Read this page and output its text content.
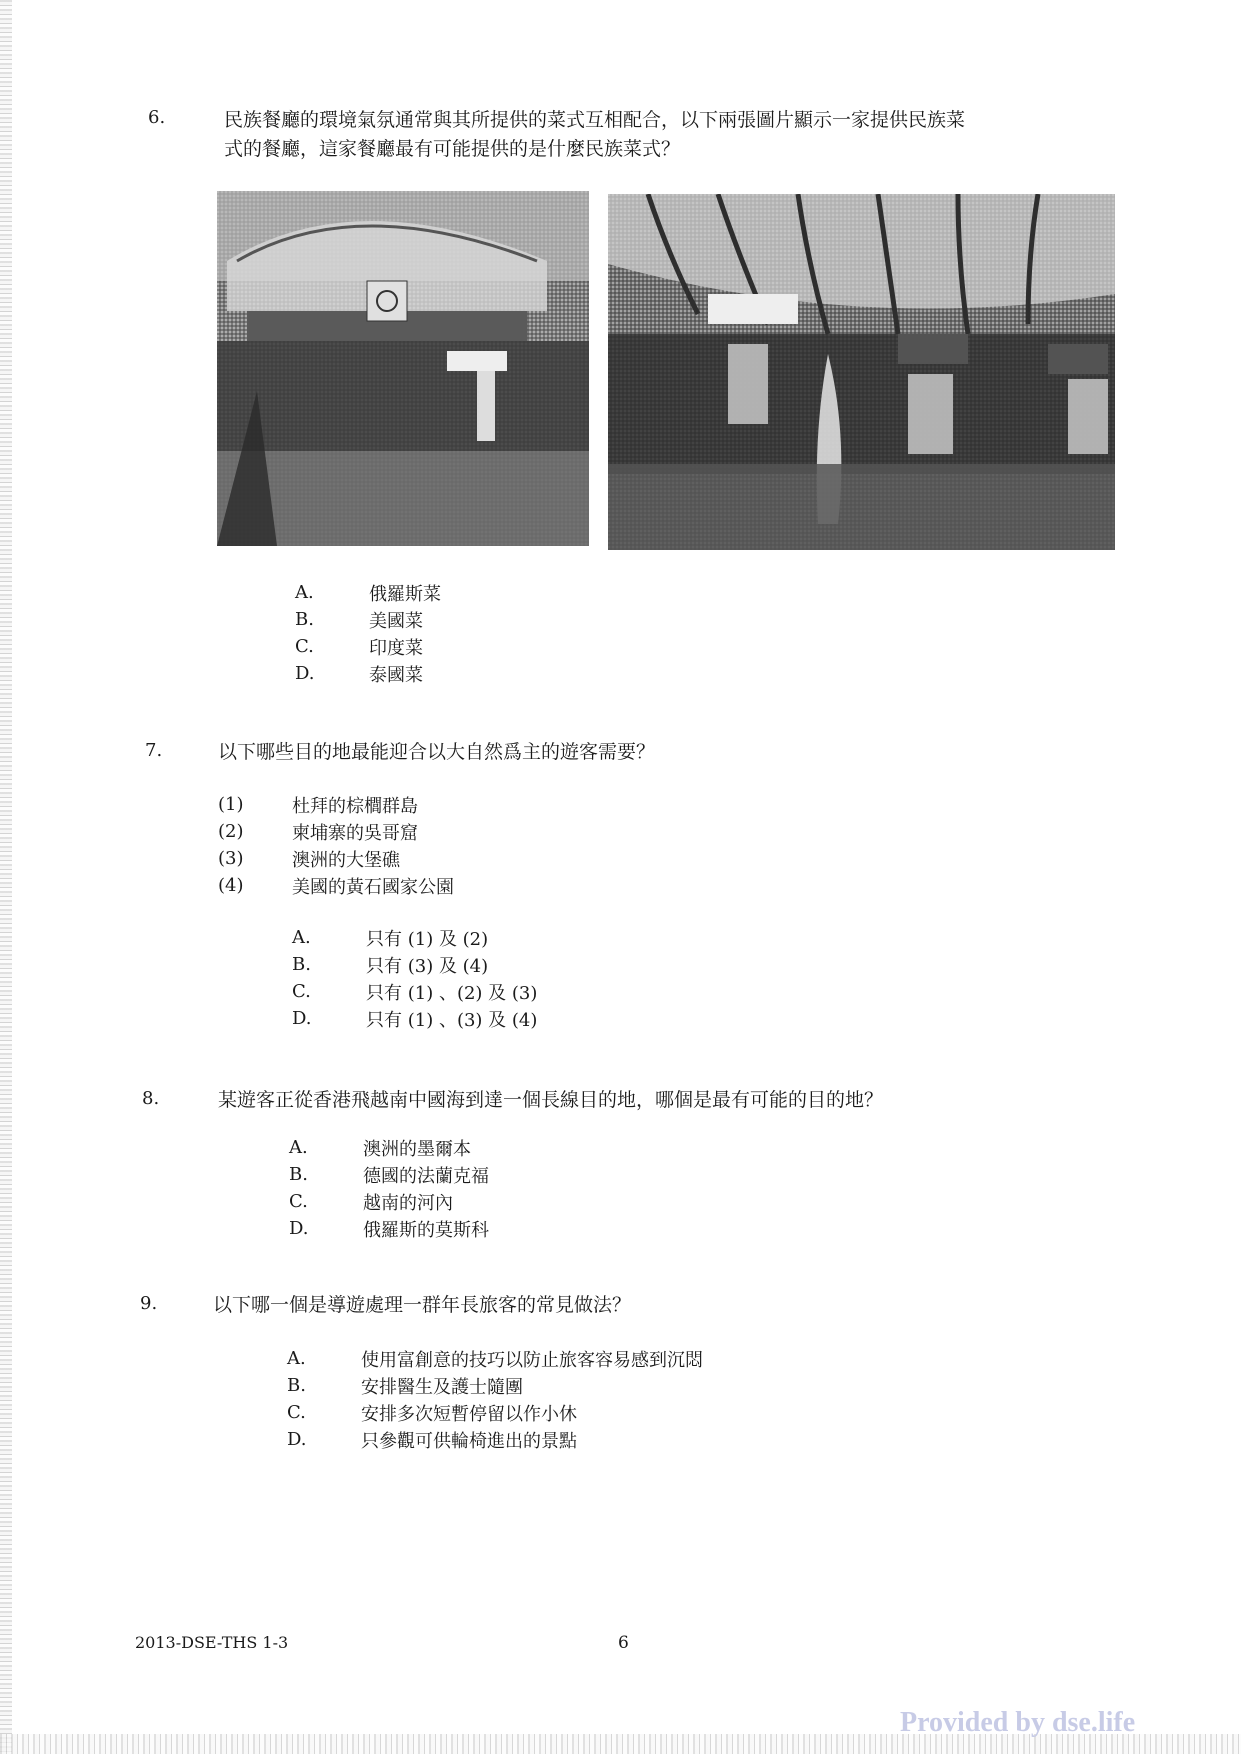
6.	民族餐廳的環境氣氛通常與其所提供的菜式互相配合，以下兩張圖片顯示一家提供民族菜
式的餐廳，這家餐廳最有可能提供的是什麼民族菜式？
A.	俄羅斯菜
B.	美國菜
C.	印度菜
D.	泰國菜
7.	以下哪些目的地最能迎合以大自然爲主的遊客需要？
(1)	杜拜的棕櫚群島
(2)	柬埔寨的吳哥窟
(3)	澳洲的大堡礁
(4)	美國的黃石國家公園
A.	只有 (1) 及 (2)
B.	只有 (3) 及 (4)
C.	只有 (1) 、(2) 及 (3)
D.	只有 (1) 、(3) 及 (4)
8.	某遊客正從香港飛越南中國海到達一個長線目的地，哪個是最有可能的目的地？
A.	澳洲的墨爾本
B.	德國的法蘭克福
C.	越南的河內
D.	俄羅斯的莫斯科
9.	以下哪一個是導遊處理一群年長旅客的常見做法？
A.	使用富創意的技巧以防止旅客容易感到沉悶
B.	安排醫生及護士隨團
C.	安排多次短暫停留以作小休
D.	只參觀可供輪椅進出的景點
2013-DSE-THS 1-3	6
Provided by dse.life
